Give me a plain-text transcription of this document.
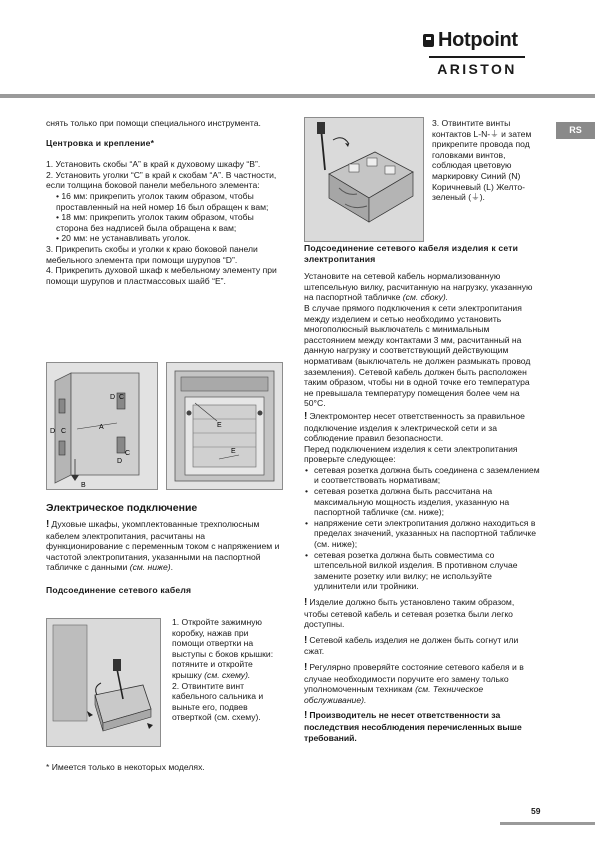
Hotpoint
ARISTON
RS

снять только при помощи специального инструмента.

Центровка и крепление*

1. Установить скобы “А” в край к духовому шкафу “В”.

2. Установить уголки “С” в край к скобам “А”. В частности, если толщина боковой панели мебельного элемента:

• 16 мм: прикрепить уголок таким образом, чтобы проставленный на ней номер 16 был обращен к вам;

• 18 мм: прикрепить уголок таким образом, чтобы сторона без надписей была обращена к вам;

• 20 мм: не устанавливать уголок.

3. Прикрепить скобы и уголки к краю боковой панели мебельного элемента при помощи шурупов “D”.

4. Прикрепить духовой шкаф к мебельному элементу при помощи шурупов и пластмассовых шайб “Е”.

D C
D C
A
B
D
C
E
E

Электрическое подключение

! Духовые шкафы, укомплектованные трехполюсным кабелем электропитания, расчитаны на функционирование с переменным током с напряжением и частотой электропитания, указанными на паспортной табличке с данными (см. ниже).

Подсоединение сетевого кабеля

1. Откройте зажимную коробку, нажав при помощи отвертки на выступы с боков крышки: потяните и откройте крышку (см. схему).

2. Отвинтите винт кабельного сальника и выньте его, подвев отверткой (см. схему).

* Имеется только в некоторых моделях.
3. Отвинтите винты контактов L-N-⏚ и затем прикрепите провода под головками винтов, соблюдая цветовую маркировку Синий (N) Коричневый (L) Желто-зеленый (⏚).

Подсоединение сетевого кабеля изделия к сети электропитания

Установите на сетевой кабель нормализованную штепсельную вилку, расчитанную на нагрузку, указанную на паспортной табличке (см. сбоку).

В случае прямого подключения к сети электропитания между изделием и сетью необходимо установить многополюсный выключатель с минимальным расстоянием между контактами 3 мм, расчитанный на данную нагрузку и соответствующий действующим нормативам (выключатель не должен размыкать провод заземления). Сетевой кабель должен быть расположен таким образом, чтобы ни в одной точке его температура не превышала температуру помещения более чем на 50°С.

! Электромонтер несет ответственность за правильное подключение изделия к электрической сети и за соблюдение правил безопасности.

Перед подключением изделия к сети электропитания проверьте следующее:

• сетевая розетка должна быть соединена с заземлением и соответствовать нормативам;
• сетевая розетка должна быть рассчитана на максимальную мощность изделия, указанную на паспортной табличке (см. ниже);
• напряжение сети электропитания должно находиться в пределах значений, указанных на паспортной табличке (см. ниже);
• сетевая розетка должна быть совместима со штепсельной вилкой изделия. В противном случае замените розетку или вилку; не используйте удлинители или тройники.

! Изделие должно быть установлено таким образом, чтобы сетевой кабель и сетевая розетка были легко доступны.

! Сетевой кабель изделия не должен быть согнут или сжат.

! Регулярно проверяйте состояние сетевого кабеля и в случае необходимости поручите его замену только уполномоченным техникам (см. Техническое обслуживание).

! Производитель не несет ответственности за последствия несоблюдения перечисленных выше требований.

59
